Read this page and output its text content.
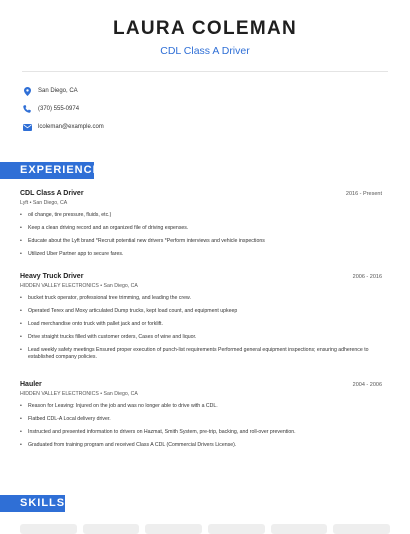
LAURA COLEMAN
CDL Class A Driver
San Diego, CA
(370) 555-0974
lcoleman@example.com
EXPERIENCE
CDL Class A Driver	2016 - Present
Lyft • San Diego, CA
• oil change, tire pressure, fluids, etc.)
• Keep a clean driving record and an organized file of driving expenses.
• Educate about the Lyft brand *Recruit potential new drivers *Perform interviews and vehicle inspections
• Utilized Uber Partner app to secure fares.
Heavy Truck Driver	2006 - 2016
HIDDEN VALLEY ELECTRONICS • San Diego, CA
• bucket truck operator, professional tree trimming, and leading the crew.
• Operated Terex and Moxy articulated Dump trucks, kept load count, and equipment upkeep
• Load merchandise onto truck with pallet jack and or forklift.
• Drive straight trucks filled with customer orders, Cases of wine and liquor.
• Lead weekly safety meetings Ensured proper execution of punch-list requirements Performed general equipment inspections; ensuring adherence to established company policies.
Hauler	2004 - 2006
HIDDEN VALLEY ELECTRONICS • San Diego, CA
• Reason for Leaving: Injured on the job and was no longer able to drive with a CDL.
• Flatbed CDL-A Local delivery driver.
• Instructed and presented information to drivers on Hazmat, Smith System, pre-trip, backing, and roll-over prevention.
• Graduated from training program and received Class A CDL (Commercial Drivers License).
SKILLS
